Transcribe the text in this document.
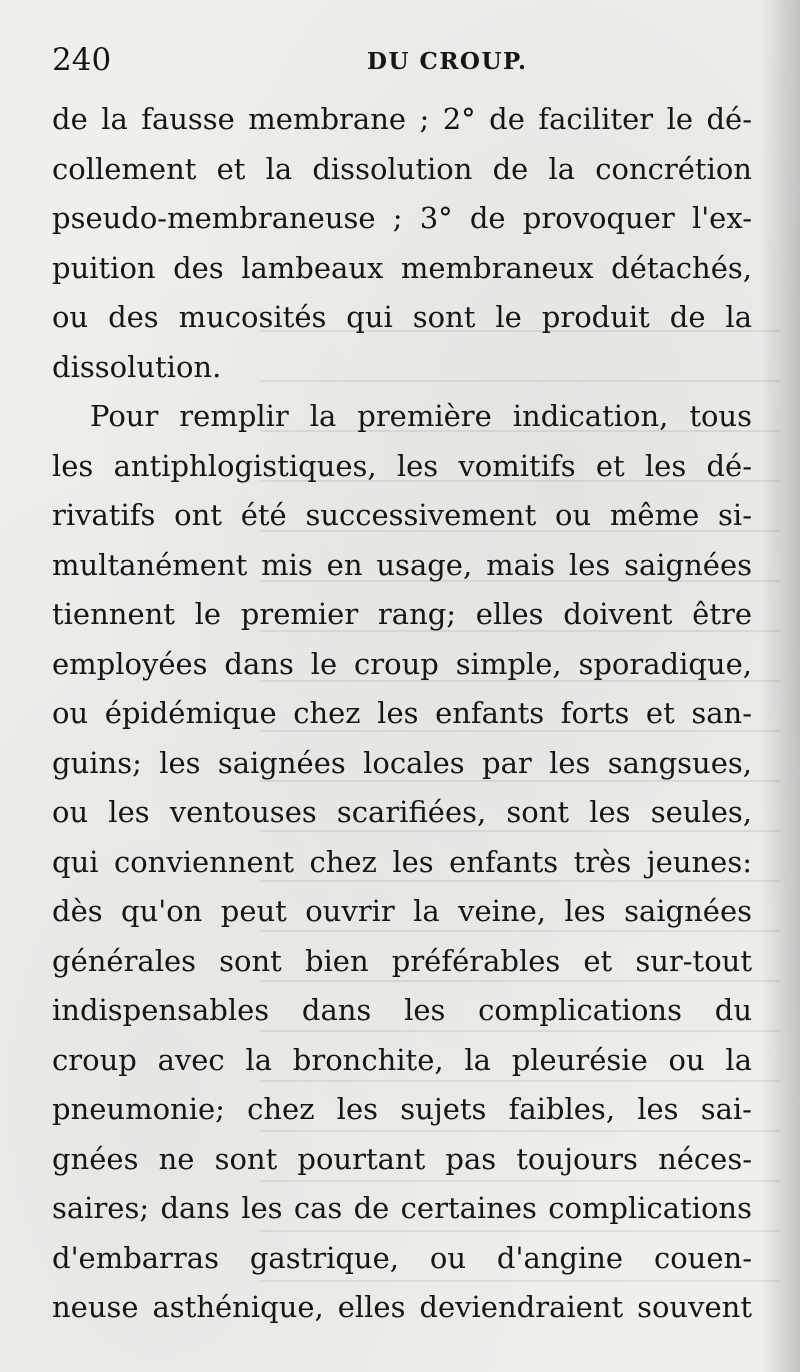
240	DU CROUP.
de la fausse membrane ; 2° de faciliter le dé-
collement et la dissolution de la concrétion
pseudo-membraneuse ; 3° de provoquer l'ex-
puition des lambeaux membraneux détachés,
ou des mucosités qui sont le produit de la
dissolution.
Pour remplir la première indication, tous
les antiphlogistiques, les vomitifs et les dé-
rivatifs ont été successivement ou même si-
multanément mis en usage, mais les saignées
tiennent le premier rang; elles doivent être
employées dans le croup simple, sporadique,
ou épidémique chez les enfants forts et san-
guins; les saignées locales par les sangsues,
ou les ventouses scarifiées, sont les seules,
qui conviennent chez les enfants très jeunes:
dès qu'on peut ouvrir la veine, les saignées
générales sont bien préférables et sur-tout
indispensables dans les complications du
croup avec la bronchite, la pleurésie ou la
pneumonie; chez les sujets faibles, les sai-
gnées ne sont pourtant pas toujours néces-
saires; dans les cas de certaines complications
d'embarras gastrique, ou d'angine couen-
neuse asthénique, elles deviendraient souvent
